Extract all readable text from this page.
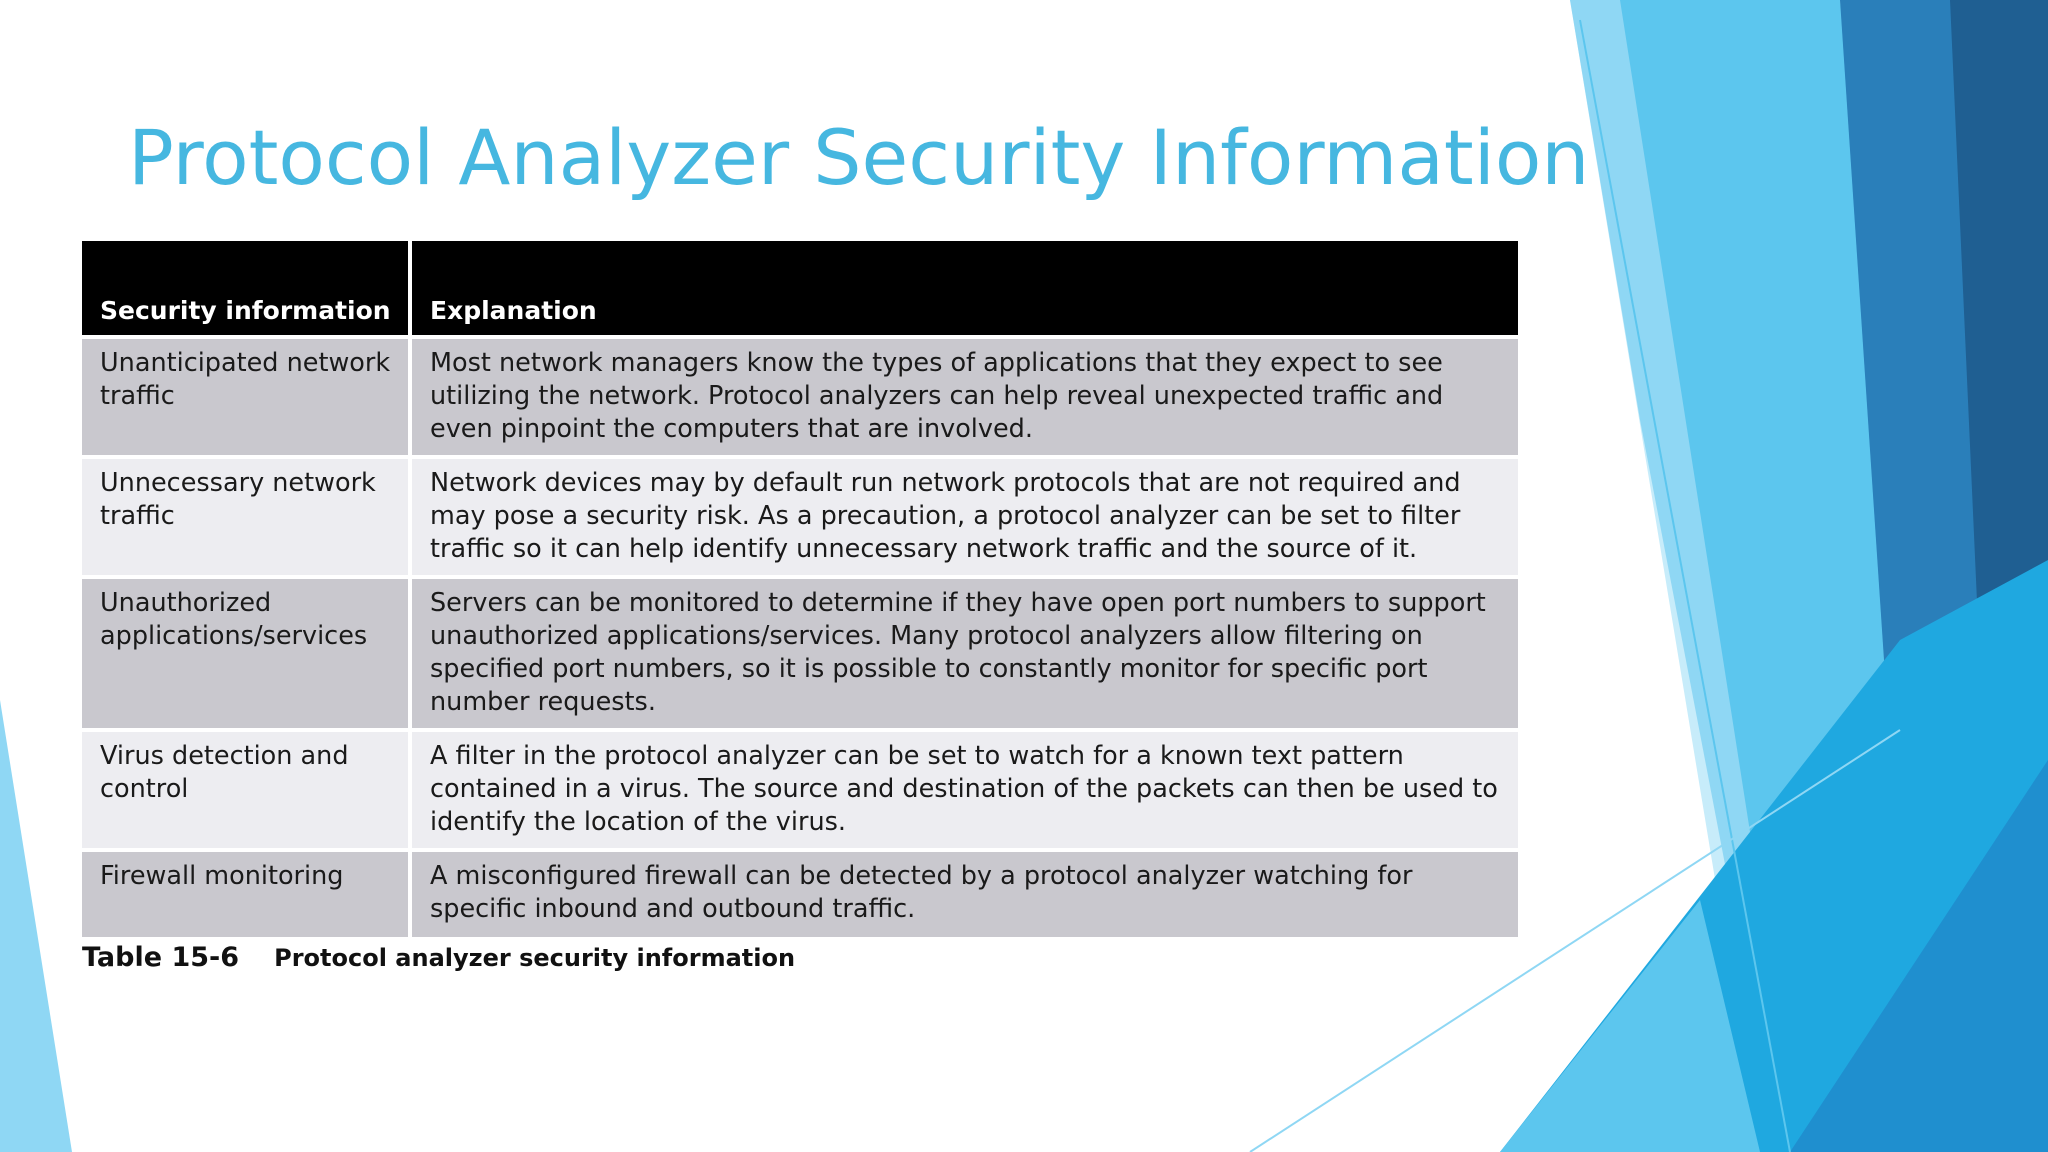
Protocol Analyzer Security Information
Security information	Explanation
Unanticipated network traffic	Most network managers know the types of applications that they expect to see utilizing the network. Protocol analyzers can help reveal unexpected traffic and even pinpoint the computers that are involved.
Unnecessary network traffic	Network devices may by default run network protocols that are not required and may pose a security risk. As a precaution, a protocol analyzer can be set to filter traffic so it can help identify unnecessary network traffic and the source of it.
Unauthorized applications/services	Servers can be monitored to determine if they have open port numbers to support unauthorized applications/services. Many protocol analyzers allow filtering on specified port numbers, so it is possible to constantly monitor for specific port number requests.
Virus detection and control	A filter in the protocol analyzer can be set to watch for a known text pattern contained in a virus. The source and destination of the packets can then be used to identify the location of the virus.
Firewall monitoring	A misconfigured firewall can be detected by a protocol analyzer watching for specific inbound and outbound traffic.
Table 15-6 Protocol analyzer security information
